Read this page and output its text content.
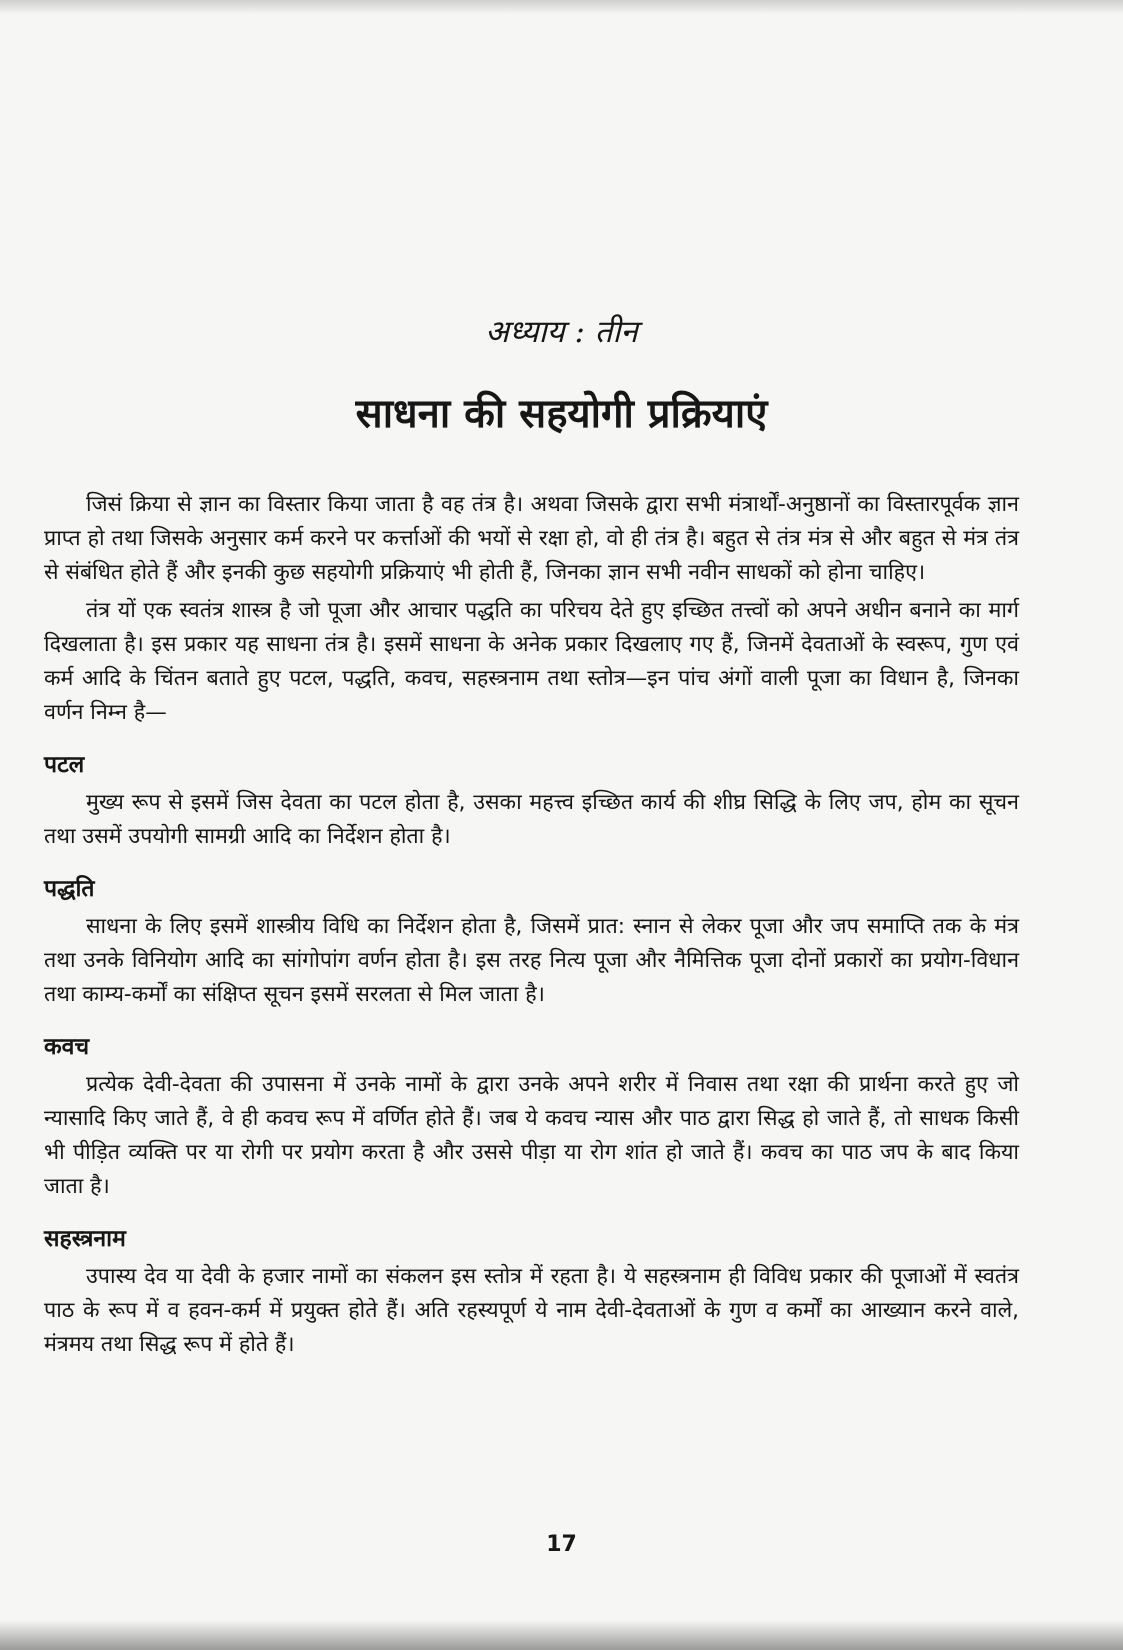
अध्याय : तीन
साधना की सहयोगी प्रक्रियाएं

जिसं क्रिया से ज्ञान का विस्तार किया जाता है वह तंत्र है। अथवा जिसके द्वारा सभी मंत्रार्थों-अनुष्ठानों का विस्तारपूर्वक ज्ञान प्राप्त हो तथा जिसके अनुसार कर्म करने पर कर्त्ताओं की भयों से रक्षा हो, वो ही तंत्र है। बहुत से तंत्र मंत्र से और बहुत से मंत्र तंत्र से संबंधित होते हैं और इनकी कुछ सहयोगी प्रक्रियाएं भी होती हैं, जिनका ज्ञान सभी नवीन साधकों को होना चाहिए।

तंत्र यों एक स्वतंत्र शास्त्र है जो पूजा और आचार पद्धति का परिचय देते हुए इच्छित तत्त्वों को अपने अधीन बनाने का मार्ग दिखलाता है। इस प्रकार यह साधना तंत्र है। इसमें साधना के अनेक प्रकार दिखलाए गए हैं, जिनमें देवताओं के स्वरूप, गुण एवं कर्म आदि के चिंतन बताते हुए पटल, पद्धति, कवच, सहस्त्रनाम तथा स्तोत्र—इन पांच अंगों वाली पूजा का विधान है, जिनका वर्णन निम्न है—

पटल

मुख्य रूप से इसमें जिस देवता का पटल होता है, उसका महत्त्व इच्छित कार्य की शीघ्र सिद्धि के लिए जप, होम का सूचन तथा उसमें उपयोगी सामग्री आदि का निर्देशन होता है।

पद्धति

साधना के लिए इसमें शास्त्रीय विधि का निर्देशन होता है, जिसमें प्रात: स्नान से लेकर पूजा और जप समाप्ति तक के मंत्र तथा उनके विनियोग आदि का सांगोपांग वर्णन होता है। इस तरह नित्य पूजा और नैमित्तिक पूजा दोनों प्रकारों का प्रयोग-विधान तथा काम्य-कर्मों का संक्षिप्त सूचन इसमें सरलता से मिल जाता है।

कवच

प्रत्येक देवी-देवता की उपासना में उनके नामों के द्वारा उनके अपने शरीर में निवास तथा रक्षा की प्रार्थना करते हुए जो न्यासादि किए जाते हैं, वे ही कवच रूप में वर्णित होते हैं। जब ये कवच न्यास और पाठ द्वारा सिद्ध हो जाते हैं, तो साधक किसी भी पीड़ित व्यक्ति पर या रोगी पर प्रयोग करता है और उससे पीड़ा या रोग शांत हो जाते हैं। कवच का पाठ जप के बाद किया जाता है।

सहस्त्रनाम

उपास्य देव या देवी के हजार नामों का संकलन इस स्तोत्र में रहता है। ये सहस्त्रनाम ही विविध प्रकार की पूजाओं में स्वतंत्र पाठ के रूप में व हवन-कर्म में प्रयुक्त होते हैं। अति रहस्यपूर्ण ये नाम देवी-देवताओं के गुण व कर्मों का आख्यान करने वाले, मंत्रमय तथा सिद्ध रूप में होते हैं।

17
